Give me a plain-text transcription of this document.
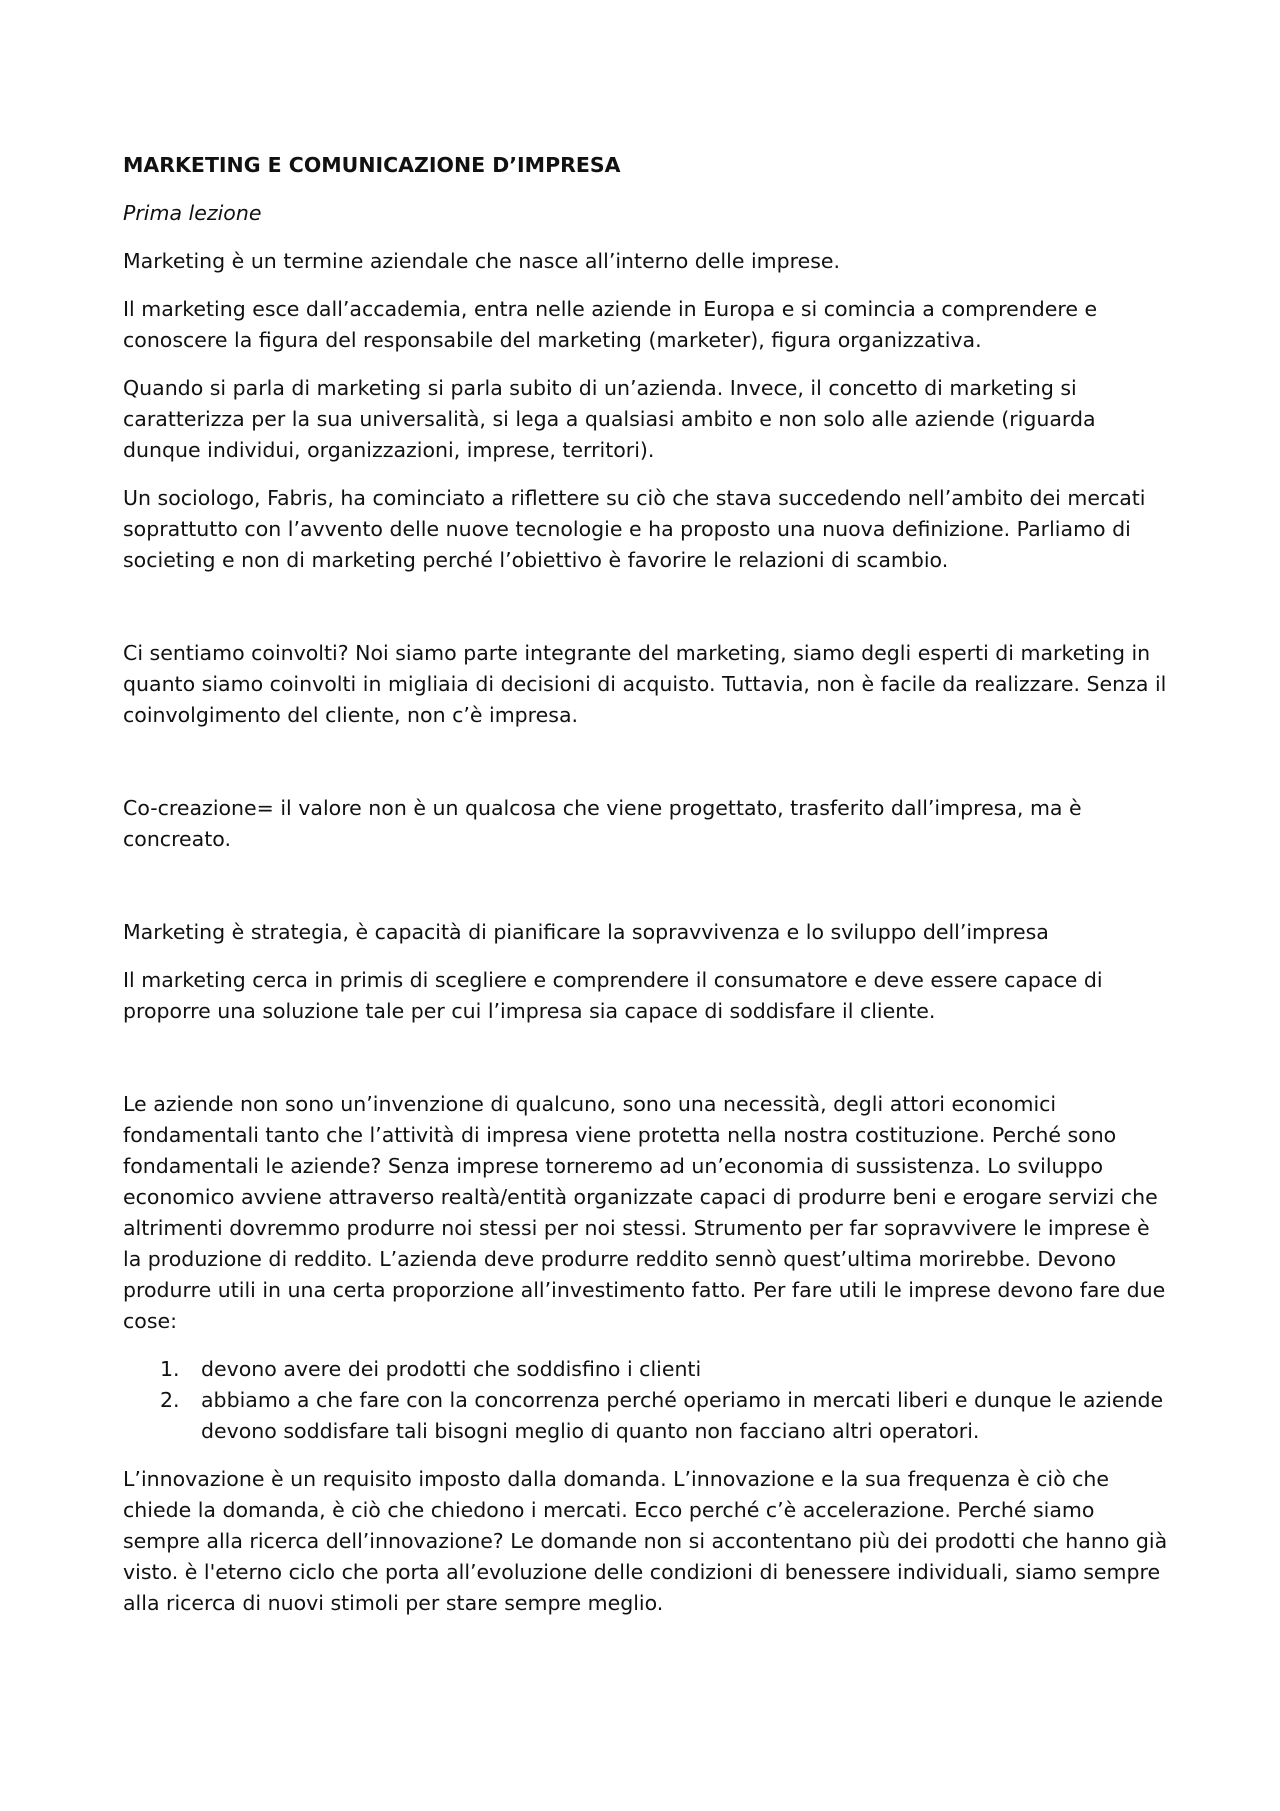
MARKETING E COMUNICAZIONE D’IMPRESA
Prima lezione

Marketing è un termine aziendale che nasce all’interno delle imprese.

Il marketing esce dall’accademia, entra nelle aziende in Europa e si comincia a comprendere e conoscere la figura del responsabile del marketing (marketer), figura organizzativa.

Quando si parla di marketing si parla subito di un’azienda. Invece, il concetto di marketing si caratterizza per la sua universalità, si lega a qualsiasi ambito e non solo alle aziende (riguarda dunque individui, organizzazioni, imprese, territori).

Un sociologo, Fabris, ha cominciato a riflettere su ciò che stava succedendo nell’ambito dei mercati soprattutto con l’avvento delle nuove tecnologie e ha proposto una nuova definizione. Parliamo di societing e non di marketing perché l’obiettivo è favorire le relazioni di scambio.

Ci sentiamo coinvolti? Noi siamo parte integrante del marketing, siamo degli esperti di marketing in quanto siamo coinvolti in migliaia di decisioni di acquisto. Tuttavia, non è facile da realizzare. Senza il coinvolgimento del cliente, non c’è impresa.

Co-creazione= il valore non è un qualcosa che viene progettato, trasferito dall’impresa, ma è concreato.

Marketing è strategia, è capacità di pianificare la sopravvivenza e lo sviluppo dell’impresa

Il marketing cerca in primis di scegliere e comprendere il consumatore e deve essere capace di proporre una soluzione tale per cui l’impresa sia capace di soddisfare il cliente.

Le aziende non sono un’invenzione di qualcuno, sono una necessità, degli attori economici fondamentali tanto che l’attività di impresa viene protetta nella nostra costituzione. Perché sono fondamentali le aziende? Senza imprese torneremo ad un’economia di sussistenza. Lo sviluppo economico avviene attraverso realtà/entità organizzate capaci di produrre beni e erogare servizi che altrimenti dovremmo produrre noi stessi per noi stessi. Strumento per far sopravvivere le imprese è la produzione di reddito. L’azienda deve produrre reddito sennò quest’ultima morirebbe. Devono produrre utili in una certa proporzione all’investimento fatto. Per fare utili le imprese devono fare due cose:

1. devono avere dei prodotti che soddisfino i clienti
2. abbiamo a che fare con la concorrenza perché operiamo in mercati liberi e dunque le aziende devono soddisfare tali bisogni meglio di quanto non facciano altri operatori.

L’innovazione è un requisito imposto dalla domanda. L’innovazione e la sua frequenza è ciò che chiede la domanda, è ciò che chiedono i mercati. Ecco perché c’è accelerazione. Perché siamo sempre alla ricerca dell’innovazione? Le domande non si accontentano più dei prodotti che hanno già visto. è l'eterno ciclo che porta all’evoluzione delle condizioni di benessere individuali, siamo sempre alla ricerca di nuovi stimoli per stare sempre meglio.
